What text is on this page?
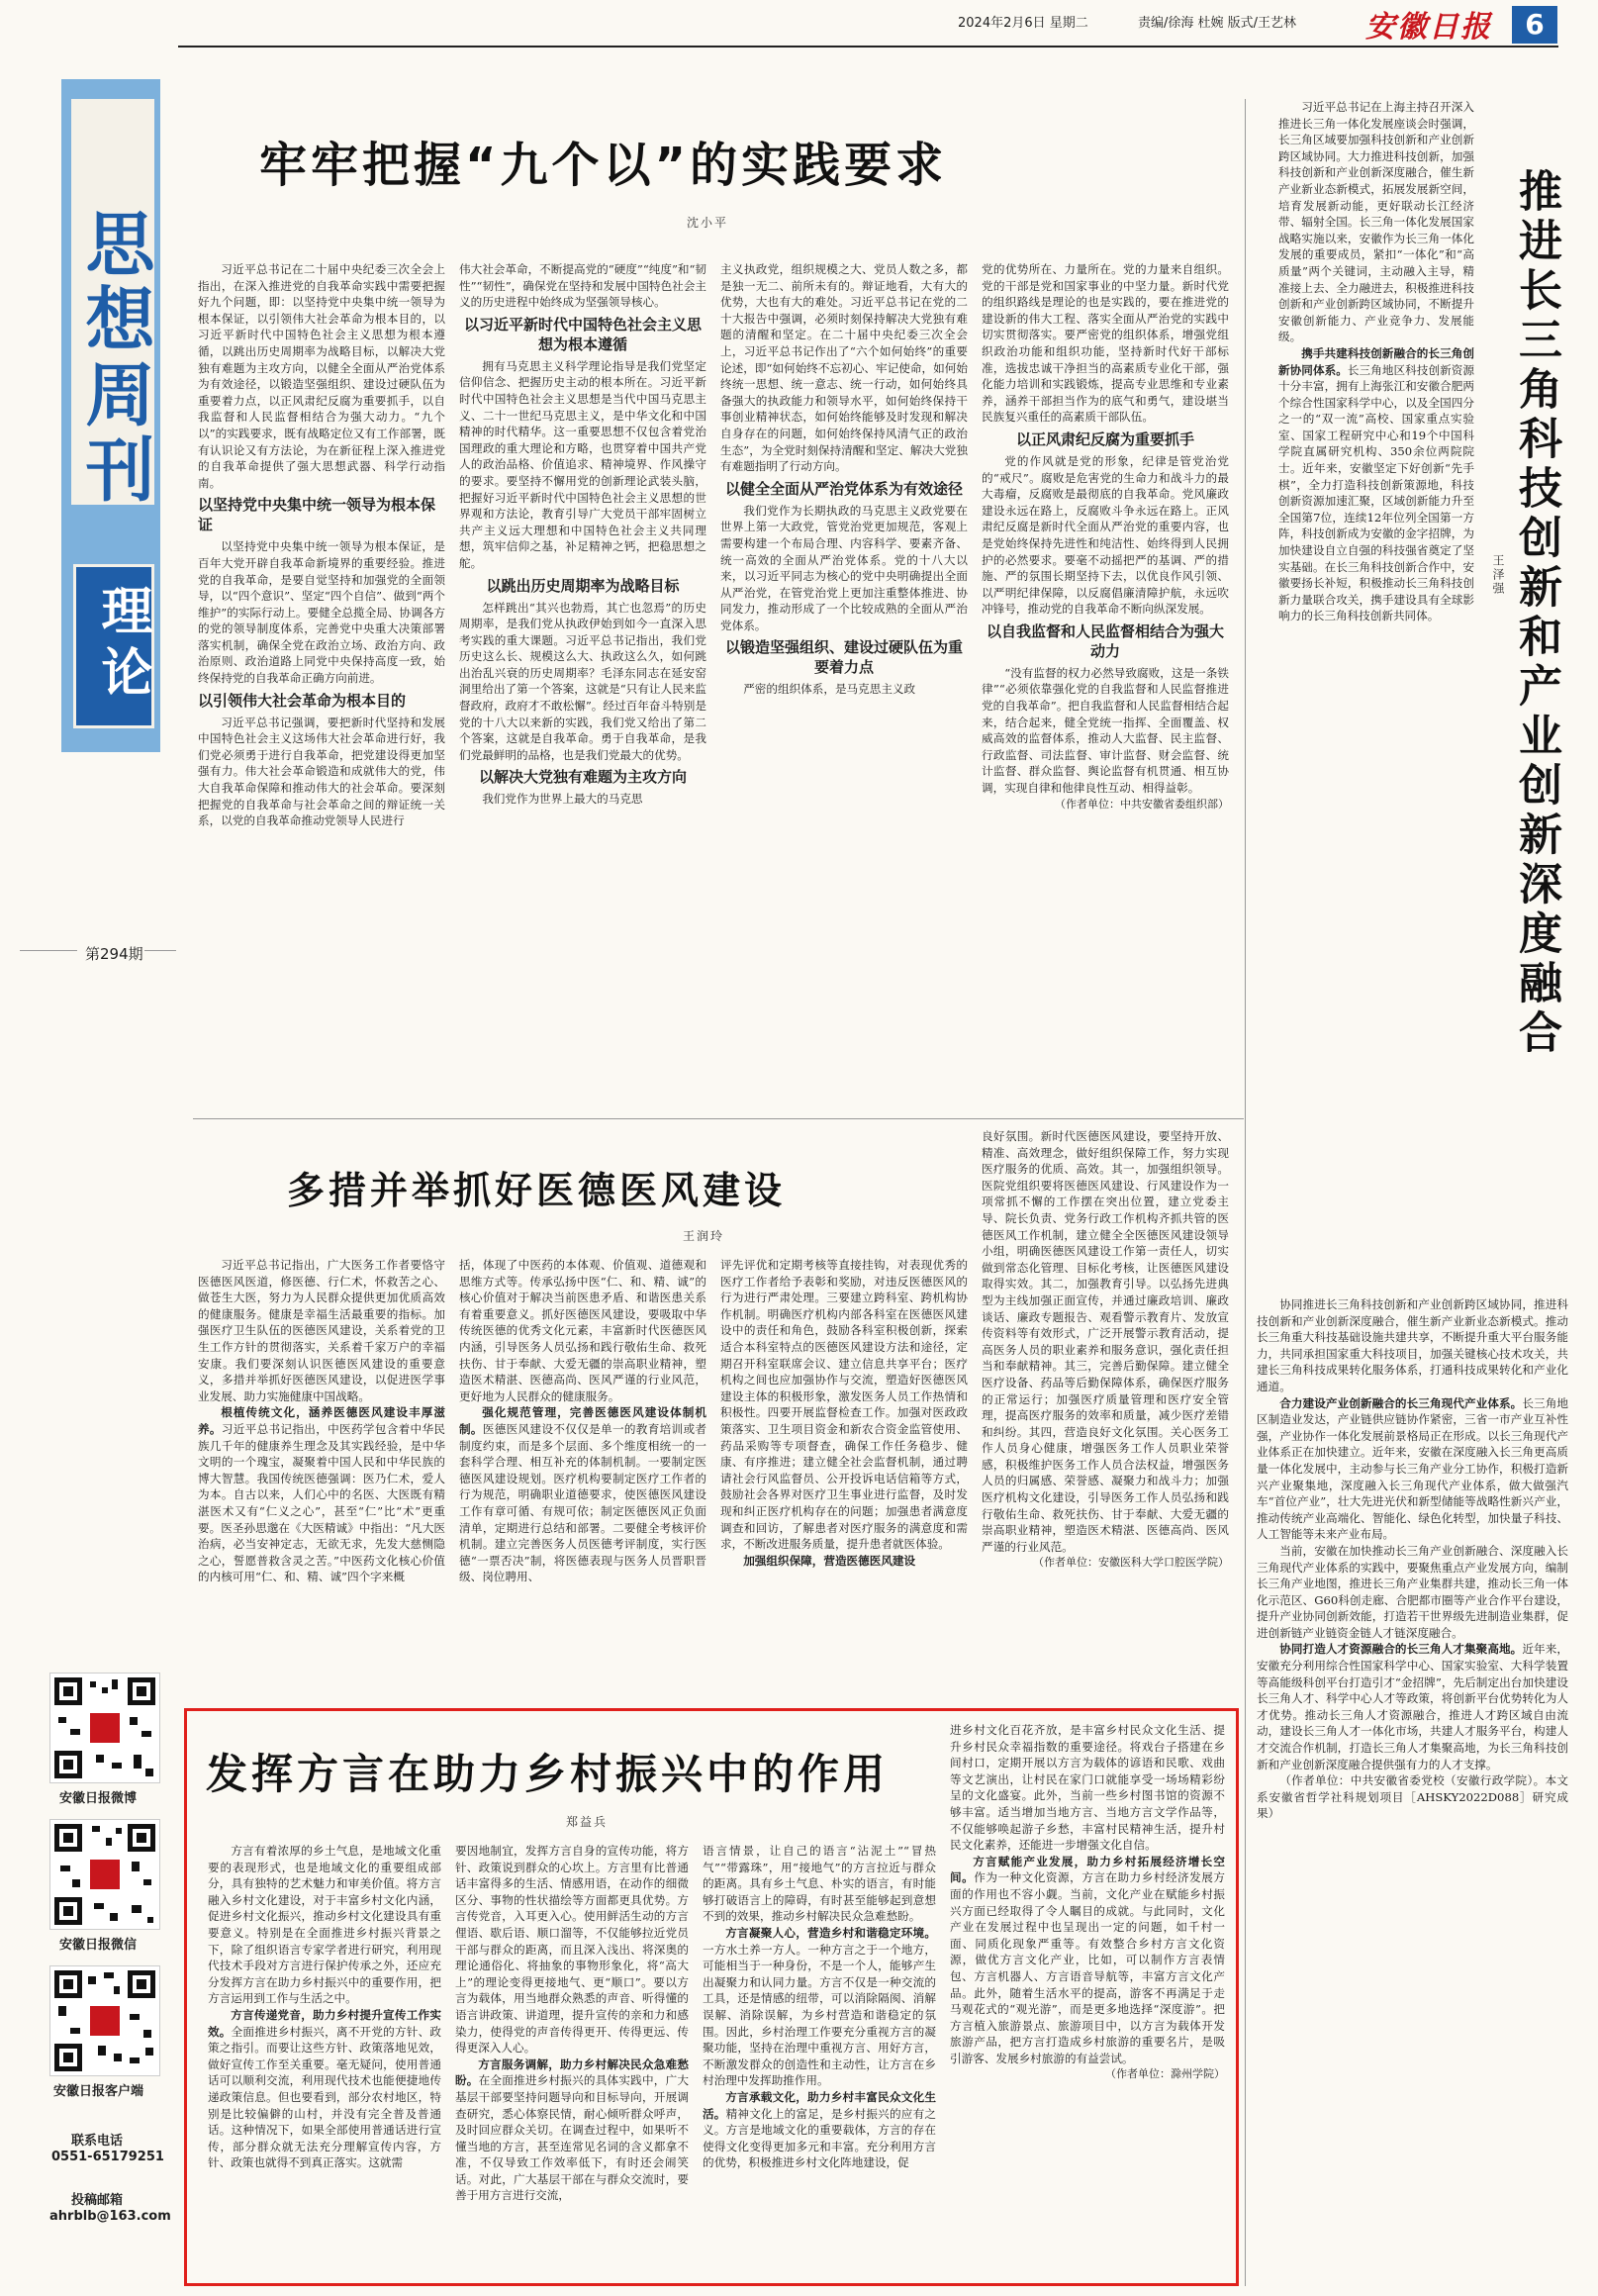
2024年2月6日 星期二	责编/徐海 杜婉 版式/王艺林 安徽日报	6
思想周刊
理论
第294期
安徽日报微博
安徽日报微信
安徽日报客户端
联系电话
0551-65179251
投稿邮箱
ahrblb@163.com
牢牢把握“九个以”的实践要求
沈小平

习近平总书记在二十届中央纪委三次全会上指出，在深入推进党的自我革命实践中需要把握好九个问题，即：以坚持党中央集中统一领导为根本保证，以引领伟大社会革命为根本目的，以习近平新时代中国特色社会主义思想为根本遵循，以跳出历史周期率为战略目标，以解决大党独有难题为主攻方向，以健全全面从严治党体系为有效途径，以锻造坚强组织、建设过硬队伍为重要着力点，以正风肃纪反腐为重要抓手，以自我监督和人民监督相结合为强大动力。“九个以”的实践要求，既有战略定位又有工作部署，既有认识论又有方法论，为在新征程上深入推进党的自我革命提供了强大思想武器、科学行动指南。

以坚持党中央集中统一领导为根本保证

以坚持党中央集中统一领导为根本保证，是百年大党开辟自我革命新境界的重要经验。推进党的自我革命，是要自觉坚持和加强党的全面领导，以“四个意识”、坚定“四个自信”、做到“两个维护”的实际行动上。要健全总揽全局、协调各方的党的领导制度体系，完善党中央重大决策部署落实机制，确保全党在政治立场、政治方向、政治原则、政治道路上同党中央保持高度一致，始终保持党的自我革命正确方向前进。

以引领伟大社会革命为根本目的

习近平总书记强调，要把新时代坚持和发展中国特色社会主义这场伟大社会革命进行好，我们党必须勇于进行自我革命，把党建设得更加坚强有力。伟大社会革命锻造和成就伟大的党，伟大自我革命保障和推动伟大的社会革命。要深刻把握党的自我革命与社会革命之间的辩证统一关系，以党的自我革命推动党领导人民进行

伟大社会革命，不断提高党的“硬度”“纯度”和“韧性”“韧性”，确保党在坚持和发展中国特色社会主义的历史进程中始终成为坚强领导核心。

以习近平新时代中国特色社会主义思想为根本遵循

拥有马克思主义科学理论指导是我们党坚定信仰信念、把握历史主动的根本所在。习近平新时代中国特色社会主义思想是当代中国马克思主义、二十一世纪马克思主义，是中华文化和中国精神的时代精华。这一重要思想不仅包含着党治国理政的重大理论和方略，也贯穿着中国共产党人的政治品格、价值追求、精神境界、作风操守的要求。要坚持不懈用党的创新理论武装头脑，把握好习近平新时代中国特色社会主义思想的世界观和方法论，教育引导广大党员干部牢固树立共产主义远大理想和中国特色社会主义共同理想，筑牢信仰之基，补足精神之钙，把稳思想之舵。

以跳出历史周期率为战略目标

怎样跳出“其兴也勃焉，其亡也忽焉”的历史周期率，是我们党从执政伊始到如今一直深入思考实践的重大课题。习近平总书记指出，我们党历史这么长、规模这么大、执政这么久，如何跳出治乱兴衰的历史周期率？毛泽东同志在延安窑洞里给出了第一个答案，这就是“只有让人民来监督政府，政府才不敢松懈”。经过百年奋斗特别是党的十八大以来新的实践，我们党又给出了第二个答案，这就是自我革命。勇于自我革命，是我们党最鲜明的品格，也是我们党最大的优势。

以解决大党独有难题为主攻方向

我们党作为世界上最大的马克思

主义执政党，组织规模之大、党员人数之多，都是独一无二、前所未有的。辩证地看，大有大的优势，大也有大的难处。习近平总书记在党的二十大报告中强调，必须时刻保持解决大党独有难题的清醒和坚定。在二十届中央纪委三次全会上，习近平总书记作出了“六个如何始终”的重要论述，即“如何始终不忘初心、牢记使命，如何始终统一思想、统一意志、统一行动，如何始终具备强大的执政能力和领导水平，如何始终保持干事创业精神状态，如何始终能够及时发现和解决自身存在的问题，如何始终保持风清气正的政治生态”，为全党时刻保持清醒和坚定、解决大党独有难题指明了行动方向。

以健全全面从严治党体系为有效途径

我们党作为长期执政的马克思主义政党要在世界上第一大政党，管党治党更加规范，客观上需要构建一个布局合理、内容科学、要素齐备、统一高效的全面从严治党体系。党的十八大以来，以习近平同志为核心的党中央明确提出全面从严治党，在管党治党上更加注重整体推进、协同发力，推动形成了一个比较成熟的全面从严治党体系。

以锻造坚强组织、建设过硬队伍为重要着力点

严密的组织体系，是马克思主义政

党的优势所在、力量所在。党的力量来自组织。党的干部是党和国家事业的中坚力量。新时代党的组织路线是理论的也是实践的，要在推进党的建设新的伟大工程、落实全面从严治党的实践中切实贯彻落实。要严密党的组织体系，增强党组织政治功能和组织功能，坚持新时代好干部标准，选拔忠诚干净担当的高素质专业化干部，强化能力培训和实践锻炼，提高专业思维和专业素养，涵养干部担当作为的底气和勇气，建设堪当民族复兴重任的高素质干部队伍。

以正风肃纪反腐为重要抓手

党的作风就是党的形象，纪律是管党治党的“戒尺”。腐败是危害党的生命力和战斗力的最大毒瘤，反腐败是最彻底的自我革命。党风廉政建设永远在路上，反腐败斗争永远在路上。正风肃纪反腐是新时代全面从严治党的重要内容，也是党始终保持先进性和纯洁性、始终得到人民拥护的必然要求。要毫不动摇把严的基调、严的措施、严的氛围长期坚持下去，以优良作风引领、以严明纪律保障，以反腐倡廉清障护航，永远吹冲锋号，推动党的自我革命不断向纵深发展。

以自我监督和人民监督相结合为强大动力

“没有监督的权力必然导致腐败，这是一条铁律”“必须依靠强化党的自我监督和人民监督推进党的自我革命”。把自我监督和人民监督相结合起来，结合起来，健全党统一指挥、全面覆盖、权威高效的监督体系，推动人大监督、民主监督、行政监督、司法监督、审计监督、财会监督、统计监督、群众监督、舆论监督有机贯通、相互协调，实现自律和他律良性互动、相得益彰。

（作者单位：中共安徽省委组织部）	推进长三角科技创新和产业创新深度融合
王泽强

习近平总书记在上海主持召开深入推进长三角一体化发展座谈会时强调，长三角区域要加强科技创新和产业创新跨区域协同。大力推进科技创新，加强科技创新和产业创新深度融合，催生新产业新业态新模式，拓展发展新空间，培育发展新动能，更好联动长江经济带、辐射全国。长三角一体化发展国家战略实施以来，安徽作为长三角一体化发展的重要成员，紧扣“一体化”和“高质量”两个关键词，主动融入主导，精准接上去、全力融进去，积极推进科技创新和产业创新跨区域协同，不断提升安徽创新能力、产业竞争力、发展能级。

携手共建科技创新融合的长三角创新协同体系。长三角地区科技创新资源十分丰富，拥有上海张江和安徽合肥两个综合性国家科学中心，以及全国四分之一的“双一流”高校、国家重点实验室、国家工程研究中心和19个中国科学院直属研究机构、350余位两院院士。近年来，安徽坚定下好创新“先手棋”，全力打造科技创新策源地，科技创新资源加速汇聚，区域创新能力升至全国第7位，连续12年位列全国第一方阵，科技创新成为安徽的金字招牌，为加快建设自立自强的科技强省奠定了坚实基础。在长三角科技创新合作中，安徽要扬长补短，积极推动长三角科技创新力量联合攻关，携手建设具有全球影响力的长三角科技创新共同体。

协同推进长三角科技创新和产业创新跨区域协同，推进科技创新和产业创新深度融合，催生新产业新业态新模式。推动长三角重大科技基础设施共建共享，不断提升重大平台服务能力，共同承担国家重大科技项目，加强关键核心技术攻关，共建长三角科技成果转化服务体系，打通科技成果转化和产业化通道。

合力建设产业创新融合的长三角现代产业体系。长三角地区制造业发达，产业链供应链协作紧密，三省一市产业互补性强，产业协作一体化发展前景格局正在形成。以长三角现代产业体系正在加快建立。近年来，安徽在深度融入长三角更高质量一体化发展中，主动参与长三角产业分工协作，积极打造新兴产业聚集地，深度融入长三角现代产业体系，做大做强汽车“首位产业”，壮大先进光伏和新型储能等战略性新兴产业，推动传统产业高端化、智能化、绿色化转型，加快量子科技、人工智能等未来产业布局。

当前，安徽在加快推动长三角产业创新融合、深度融入长三角现代产业体系的实践中，要聚焦重点产业发展方向，编制长三角产业地图，推进长三角产业集群共建，推动长三角一体化示范区、G60科创走廊、合肥都市圈等产业合作平台建设，提升产业协同创新效能，打造若干世界级先进制造业集群，促进创新链产业链资金链人才链深度融合。

协同打造人才资源融合的长三角人才集聚高地。近年来，安徽充分利用综合性国家科学中心、国家实验室、大科学装置等高能级科创平台打造引才“金招牌”，先后制定出台加快建设长三角人才、科学中心人才等政策，将创新平台优势转化为人才优势。推动长三角人才资源融合，推进人才跨区域自由流动，建设长三角人才一体化市场，共建人才服务平台，构建人才交流合作机制，打造长三角人才集聚高地，为长三角科技创新和产业创新深度融合提供强有力的人才支撑。

（作者单位：中共安徽省委党校（安徽行政学院）。本文系安徽省哲学社科规划项目［AHSKY2022D088］研究成果）

多措并举抓好医德医风建设
王润玲

习近平总书记指出，广大医务工作者要恪守医德医风医道，修医德、行仁术，怀救苦之心、做苍生大医，努力为人民群众提供更加优质高效的健康服务。健康是幸福生活最重要的指标。加强医疗卫生队伍的医德医风建设，关系着党的卫生工作方针的贯彻落实，关系着千家万户的幸福安康。我们要深刻认识医德医风建设的重要意义，多措并举抓好医德医风建设，以促进医学事业发展、助力实施健康中国战略。

根植传统文化，涵养医德医风建设丰厚滋养。习近平总书记指出，中医药学包含着中华民族几千年的健康养生理念及其实践经验，是中华文明的一个瑰宝，凝聚着中国人民和中华民族的博大智慧。我国传统医德强调：医乃仁术，爱人为本。自古以来，人们心中的名医、大医既有精湛医术又有“仁义之心”，甚至“仁”比“术”更重要。医圣孙思邈在《大医精诚》中指出：“凡大医治病，必当安神定志，无欲无求，先发大慈恻隐之心，誓愿普救含灵之苦。”中医药文化核心价值的内核可用“仁、和、精、诚”四个字来概

括，体现了中医药的本体观、价值观、道德观和思维方式等。传承弘扬中医“仁、和、精、诚”的核心价值对于解决当前医患矛盾、和谐医患关系有着重要意义。抓好医德医风建设，要吸取中华传统医德的优秀文化元素，丰富新时代医德医风内涵，引导医务人员弘扬和践行敬佑生命、救死扶伤、甘于奉献、大爱无疆的崇高职业精神，塑造医术精湛、医德高尚、医风严谨的行业风范，更好地为人民群众的健康服务。

强化规范管理，完善医德医风建设体制机制。医德医风建设不仅仅是单一的教育培训或者制度约束，而是多个层面、多个维度相统一的一套科学合理、相互补充的体制机制。一要制定医德医风建设规划。医疗机构要制定医疗工作者的行为规范，明确职业道德要求，使医德医风建设工作有章可循、有规可依；制定医德医风正负面清单，定期进行总结和部署。二要健全考核评价机制。建立完善医务人员医德考评制度，实行医德“一票否决”制，将医德表现与医务人员晋职晋级、岗位聘用、

评先评优和定期考核等直接挂钩，对表现优秀的医疗工作者给予表彰和奖励，对违反医德医风的行为进行严肃处理。三要建立跨科室、跨机构协作机制。明确医疗机构内部各科室在医德医风建设中的责任和角色，鼓励各科室积极创新，探索适合本科室特点的医德医风建设方法和途径，定期召开科室联席会议、建立信息共享平台；医疗机构之间也应加强协作与交流，塑造好医德医风建设主体的积极形象，激发医务人员工作热情和积极性。四要开展监督检查工作。加强对医政政策落实、卫生项目资金和新农合资金监管使用、药品采购等专项督查，确保工作任务稳步、健康、有序推进；建立健全社会监督机制，通过聘请社会行风监督员、公开投诉电话信箱等方式，鼓励社会各界对医疗卫生事业进行监督，及时发现和纠正医疗机构存在的问题；加强患者满意度调查和回访，了解患者对医疗服务的满意度和需求，不断改进服务质量，提升患者就医体验。

加强组织保障，营造医德医风建设

良好氛围。新时代医德医风建设，要坚持开放、精准、高效理念，做好组织保障工作，努力实现医疗服务的优质、高效。其一，加强组织领导。医院党组织要将医德医风建设、行风建设作为一项常抓不懈的工作摆在突出位置，建立党委主导、院长负责、党务行政工作机构齐抓共管的医德医风工作机制，建立健全全医德医风建设领导小组，明确医德医风建设工作第一责任人，切实做到常态化管理、目标化考核，让医德医风建设取得实效。其二，加强教育引导。以弘扬先进典型为主线加强正面宣传，并通过廉政培训、廉政谈话、廉政专题报告、观看警示教育片、发放宣传资料等有效形式，广泛开展警示教育活动，提高医务人员的职业素养和服务意识，强化责任担当和奉献精神。其三，完善后勤保障。建立健全医疗设备、药品等后勤保障体系，确保医疗服务的正常运行；加强医疗质量管理和医疗安全管理，提高医疗服务的效率和质量，减少医疗差错和纠纷。其四，营造良好文化氛围。关心医务工作人员身心健康，增强医务工作人员职业荣誉感，积极维护医务工作人员合法权益，增强医务人员的归属感、荣誉感、凝聚力和战斗力；加强医疗机构文化建设，引导医务工作人员弘扬和践行敬佑生命、救死扶伤、甘于奉献、大爱无疆的崇高职业精神，塑造医术精湛、医德高尚、医风严谨的行业风范。

（作者单位：安徽医科大学口腔医学院）
发挥方言在助力乡村振兴中的作用
郑益兵

方言有着浓厚的乡土气息，是地域文化重要的表现形式，也是地域文化的重要组成部分，具有独特的艺术魅力和审美价值。将方言融入乡村文化建设，对于丰富乡村文化内涵，促进乡村文化振兴，推动乡村文化建设具有重要意义。特别是在全面推进乡村振兴背景之下，除了组织语言专家学者进行研究，利用现代技术手段对方言进行保护传承之外，还应充分发挥方言在助力乡村振兴中的重要作用，把方言运用到工作与生活之中。

方言传递党音，助力乡村提升宣传工作实效。全面推进乡村振兴，离不开党的方针、政策之指引。而要让这些方针、政策落地见效，做好宣传工作至关重要。毫无疑问，使用普通话可以顺利交流，利用现代技术也能便捷地传递政策信息。但也要看到，部分农村地区，特别是比较偏僻的山村，并没有完全普及普通话。这种情况下，如果全部使用普通话进行宣传，部分群众就无法充分理解宣传内容，方针、政策也就得不到真正落实。这就需

要因地制宜，发挥方言自身的宣传功能，将方针、政策说到群众的心坎上。方言里有比普通话丰富得多的生活、情感用语，在动作的细微区分、事物的性状描绘等方面都更具优势。方言传党音，入耳更入心。使用鲜活生动的方言俚语、歇后语、顺口溜等，不仅能够拉近党员干部与群众的距离，而且深入浅出、将深奥的理论通俗化、将抽象的事物形象化，将“高大上”的理论变得更接地气、更“顺口”。要以方言为载体，用当地群众熟悉的声音、听得懂的语言讲政策、讲道理，提升宣传的亲和力和感染力，使得党的声音传得更开、传得更远、传得更深入人心。

方言服务调解，助力乡村解决民众急难愁盼。在全面推进乡村振兴的具体实践中，广大基层干部要坚持问题导向和目标导向，开展调查研究，悉心体察民情，耐心倾听群众呼声，及时回应群众关切。在调查过程中，如果听不懂当地的方言，甚至连常见名词的含义都拿不准，不仅导致工作效率低下，有时还会闹笑话。对此，广大基层干部在与群众交流时，要善于用方言进行交流，

语言情景，让自己的语言“沾泥土”“冒热气”“带露珠”，用“接地气”的方言拉近与群众的距离。具有乡土气息、朴实的语言，有时能够打破语言上的障碍，有时甚至能够起到意想不到的效果，推动乡村解决民众急难愁盼。

方言凝聚人心，营造乡村和谐稳定环境。一方水土养一方人。一种方言之于一个地方，可能相当于一种身份，不是一个人，能够产生出凝聚力和认同力量。方言不仅是一种交流的工具，还是情感的纽带，可以消除隔阂、消解误解、消除误解，为乡村营造和谐稳定的氛围。因此，乡村治理工作要充分重视方言的凝聚功能，坚持在治理中重视方言、用好方言，不断激发群众的创造性和主动性，让方言在乡村治理中发挥助推作用。

方言承载文化，助力乡村丰富民众文化生活。精神文化上的富足，是乡村振兴的应有之义。方言是地域文化的重要载体，方言的存在使得文化变得更加多元和丰富。充分利用方言的优势，积极推进乡村文化阵地建设，促

进乡村文化百花齐放，是丰富乡村民众文化生活、提升乡村民众幸福指数的重要途径。将戏台子搭建在乡间村口，定期开展以方言为载体的谚语和民歌、戏曲等文艺演出，让村民在家门口就能享受一场场精彩纷呈的文化盛宴。此外，当前一些乡村图书馆的资源不够丰富。适当增加当地方言、当地方言文学作品等，不仅能够唤起游子乡愁，丰富村民精神生活，提升村民文化素养，还能进一步增强文化自信。

方言赋能产业发展，助力乡村拓展经济增长空间。作为一种文化资源，方言在助力乡村经济发展方面的作用也不容小觑。当前，文化产业在赋能乡村振兴方面已经取得了令人瞩目的成就。与此同时，文化产业在发展过程中也呈现出一定的问题，如千村一面、同质化现象严重等。有效整合乡村方言文化资源，做优方言文化产业，比如，可以制作方言表情包、方言机器人、方言语音导航等，丰富方言文化产品。此外，随着生活水平的提高，游客不再满足于走马观花式的“观光游”，而是更多地选择“深度游”。把方言植入旅游景点、旅游项目中，以方言为载体开发旅游产品，把方言打造成乡村旅游的重要名片，是吸引游客、发展乡村旅游的有益尝试。

（作者单位：滁州学院）
